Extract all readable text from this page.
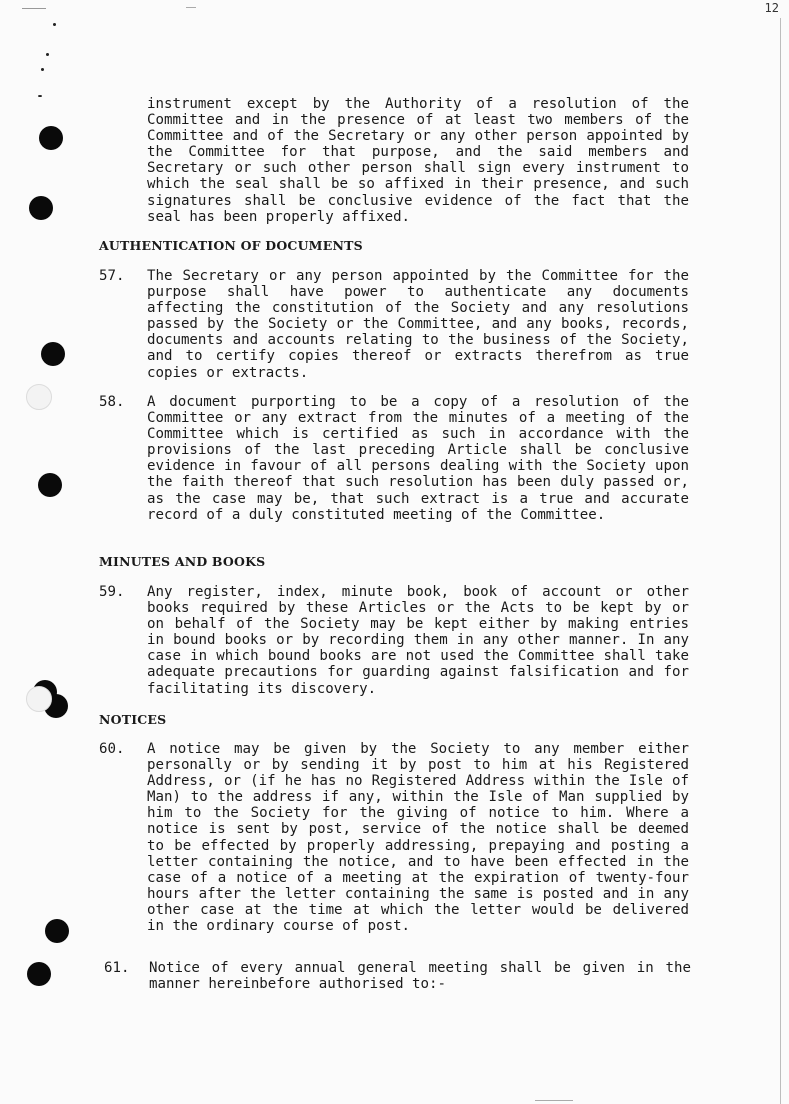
12

instrument except by the Authority of a resolution of the Committee and in the presence of at least two members of the Committee and of the Secretary or any other person appointed by the Committee for that purpose, and the said members and Secretary or such other person shall sign every instrument to which the seal shall be so affixed in their presence, and such signatures shall be conclusive evidence of the fact that the seal has been properly affixed.

AUTHENTICATION OF DOCUMENTS
57. The Secretary or any person appointed by the Committee for the purpose shall have power to authenticate any documents affecting the constitution of the Society and any resolutions passed by the Society or the Committee, and any books, records, documents and accounts relating to the business of the Society, and to certify copies thereof or extracts therefrom as true copies or extracts.

58. A document purporting to be a copy of a resolution of the Committee or any extract from the minutes of a meeting of the Committee which is certified as such in accordance with the provisions of the last preceding Article shall be conclusive evidence in favour of all persons dealing with the Society upon the faith thereof that such resolution has been duly passed or, as the case may be, that such extract is a true and accurate record of a duly constituted meeting of the Committee.

MINUTES AND BOOKS
59. Any register, index, minute book, book of account or other books required by these Articles or the Acts to be kept by or on behalf of the Society may be kept either by making entries in bound books or by recording them in any other manner. In any case in which bound books are not used the Committee shall take adequate precautions for guarding against falsification and for facilitating its discovery.

NOTICES
60. A notice may be given by the Society to any member either personally or by sending it by post to him at his Registered Address, or (if he has no Registered Address within the Isle of Man) to the address if any, within the Isle of Man supplied by him to the Society for the giving of notice to him. Where a notice is sent by post, service of the notice shall be deemed to be effected by properly addressing, prepaying and posting a letter containing the notice, and to have been effected in the case of a notice of a meeting at the expiration of twenty-four hours after the letter containing the same is posted and in any other case at the time at which the letter would be delivered in the ordinary course of post.

61. Notice of every annual general meeting shall be given in the manner hereinbefore authorised to:-
